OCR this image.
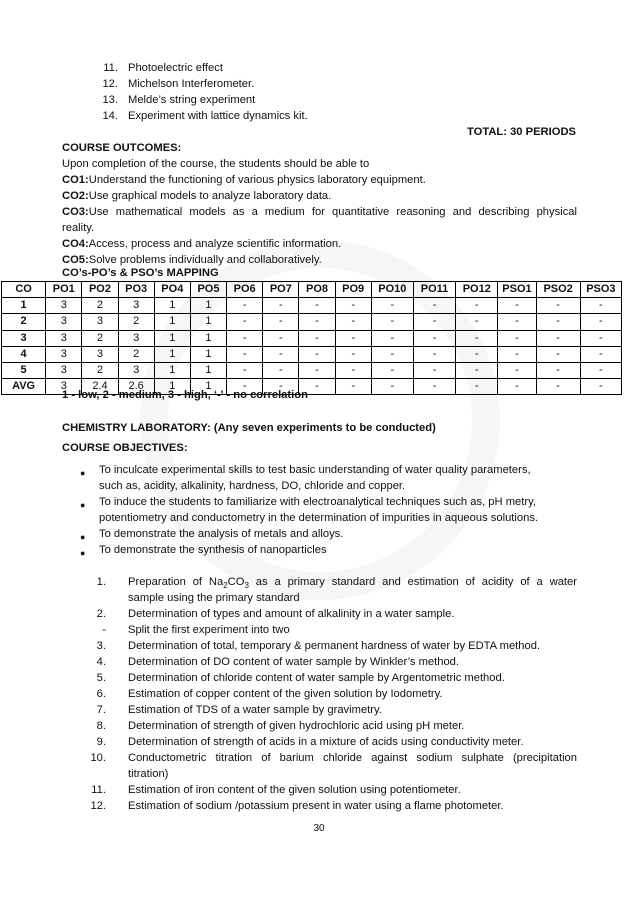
11. Photoelectric effect
12. Michelson Interferometer.
13. Melde’s string experiment
14. Experiment with lattice dynamics kit.
TOTAL: 30 PERIODS
COURSE OUTCOMES:
Upon completion of the course, the students should be able to
CO1:Understand the functioning of various physics laboratory equipment.
CO2:Use graphical models to analyze laboratory data.
CO3:Use mathematical models as a medium for quantitative reasoning and describing physical
reality.
CO4:Access, process and analyze scientific information.
CO5:Solve problems individually and collaboratively.
CO’s-PO’s & PSO’s MAPPING
CO	PO1	PO2	PO3	PO4	PO5	PO6	PO7	PO8	PO9	PO10	PO11	PO12	PSO1	PSO2	PSO3
1	3	2	3	1	1	-	-	-	-	-	-	-	-	-	-
2	3	3	2	1	1	-	-	-	-	-	-	-	-	-	-
3	3	2	3	1	1	-	-	-	-	-	-	-	-	-	-
4	3	3	2	1	1	-	-	-	-	-	-	-	-	-	-
5	3	2	3	1	1	-	-	-	-	-	-	-	-	-	-
AVG	3	2.4	2.6	1	1	-	-	-	-	-	-	-	-	-	-
1 - low, 2 - medium, 3 - high, ‘-' - no correlation
CHEMISTRY LABORATORY: (Any seven experiments to be conducted)
COURSE OBJECTIVES:
● To inculcate experimental skills to test basic understanding of water quality parameters,
such as, acidity, alkalinity, hardness, DO, chloride and copper.
● To induce the students to familiarize with electroanalytical techniques such as, pH metry,
potentiometry and conductometry in the determination of impurities in aqueous solutions.
● To demonstrate the analysis of metals and alloys.
● To demonstrate the synthesis of nanoparticles
1. Preparation of $Na_2CO_3$ as a primary standard and estimation of acidity of a water
sample using the primary standard
2. Determination of types and amount of alkalinity in a water sample.
- Split the first experiment into two
3. Determination of total, temporary & permanent hardness of water by EDTA method.
4. Determination of DO content of water sample by Winkler’s method.
5. Determination of chloride content of water sample by Argentometric method.
6. Estimation of copper content of the given solution by Iodometry.
7. Estimation of TDS of a water sample by gravimetry.
8. Determination of strength of given hydrochloric acid using pH meter.
9. Determination of strength of acids in a mixture of acids using conductivity meter.
10. Conductometric titration of barium chloride against sodium sulphate (precipitation
titration)
11. Estimation of iron content of the given solution using potentiometer.
12. Estimation of sodium /potassium present in water using a flame photometer.
30
